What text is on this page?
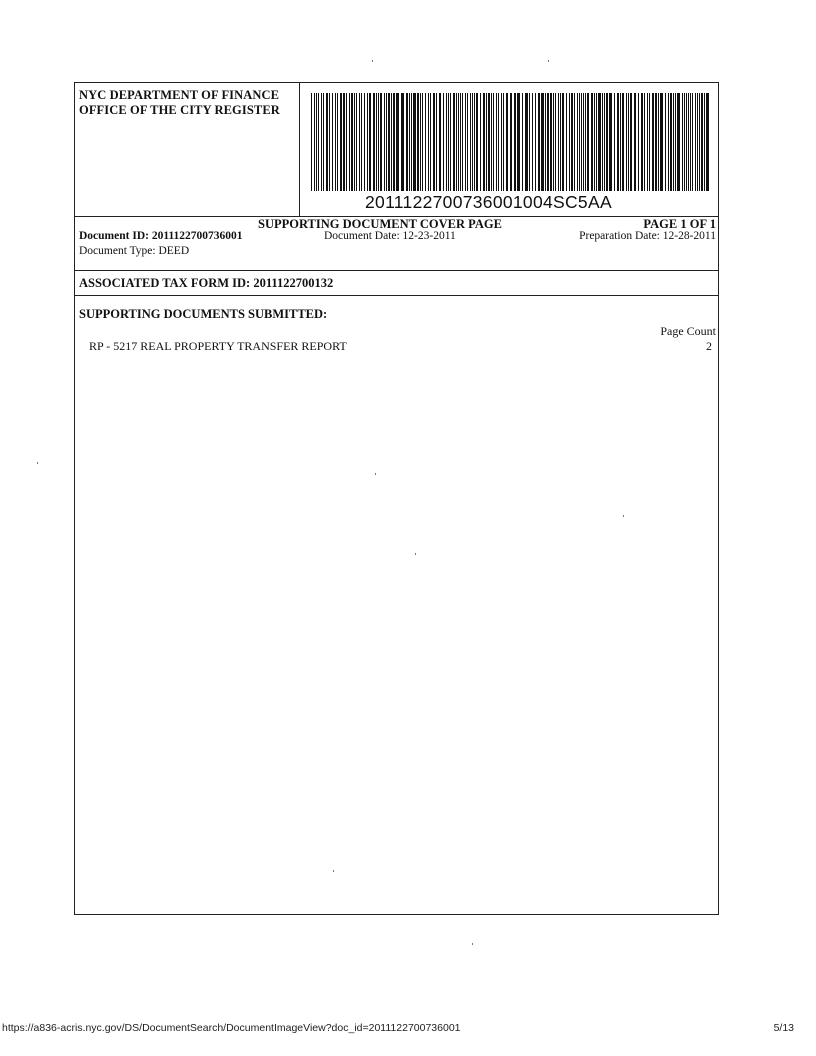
NYC DEPARTMENT OF FINANCE
OFFICE OF THE CITY REGISTER
2011122700736001004SC5AA
SUPPORTING DOCUMENT COVER PAGE	PAGE 1 OF 1
Document ID: 2011122700736001	Document Date: 12-23-2011	Preparation Date: 12-28-2011
Document Type: DEED
ASSOCIATED TAX FORM ID: 2011122700132
SUPPORTING DOCUMENTS SUBMITTED:
Page Count
RP - 5217 REAL PROPERTY TRANSFER REPORT	2
https://a836-acris.nyc.gov/DS/DocumentSearch/DocumentImageView?doc_id=2011122700736001	5/13
